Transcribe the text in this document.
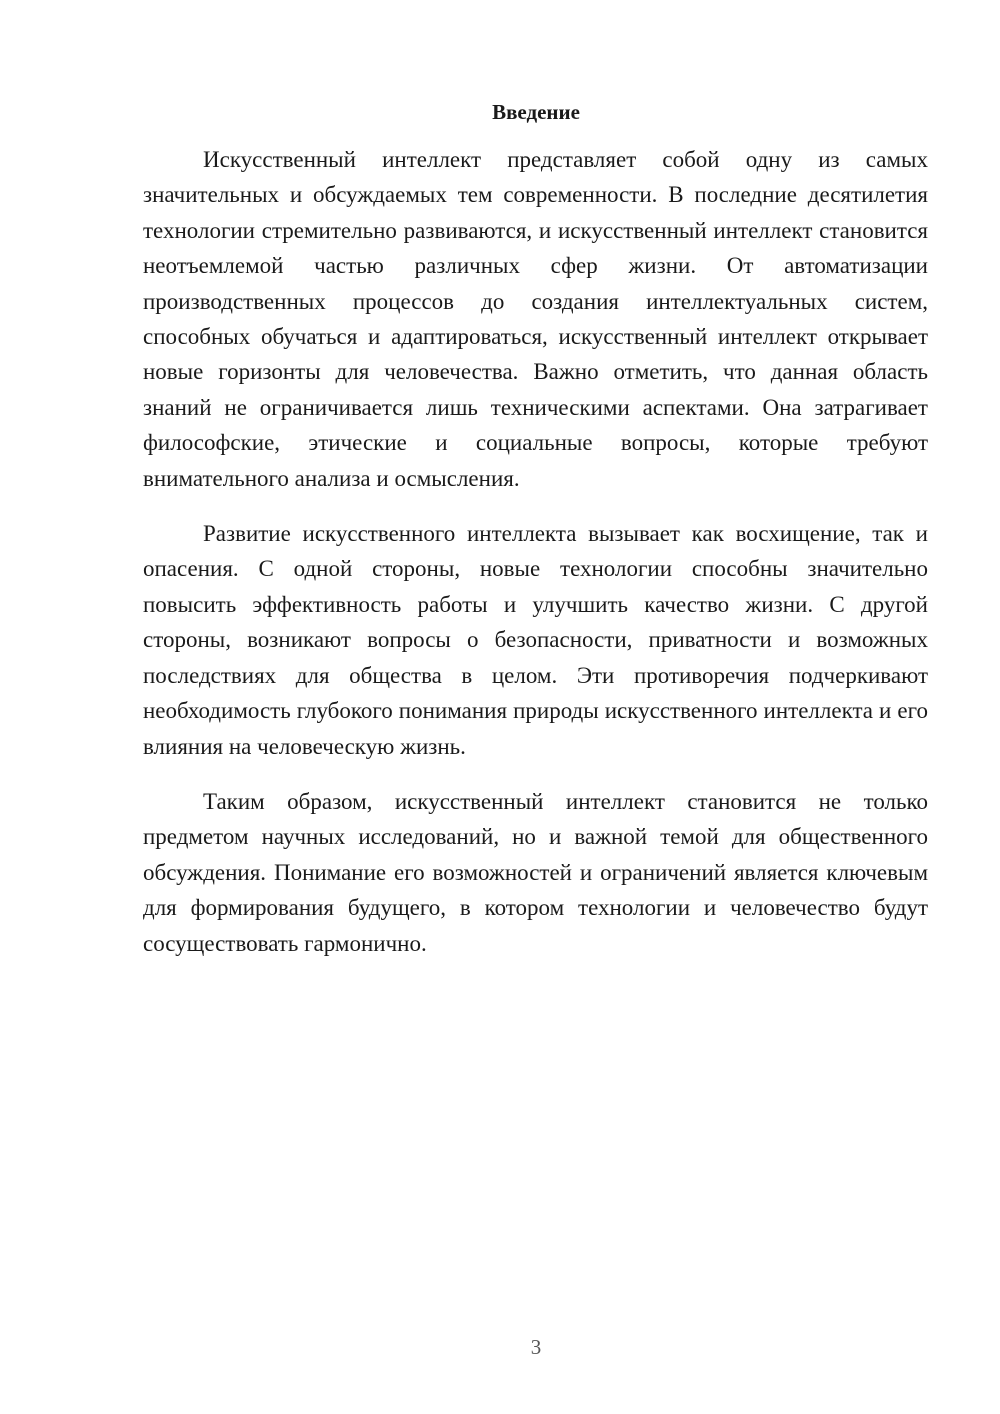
Введение

Искусственный интеллект представляет собой одну из самых значительных и обсуждаемых тем современности. В последние десятилетия технологии стремительно развиваются, и искусственный интеллект становится неотъемлемой частью различных сфер жизни. От автоматизации производственных процессов до создания интеллектуальных систем, способных обучаться и адаптироваться, искусственный интеллект открывает новые горизонты для человечества. Важно отметить, что данная область знаний не ограничивается лишь техническими аспектами. Она затрагивает философские, этические и социальные вопросы, которые требуют внимательного анализа и осмысления.

Развитие искусственного интеллекта вызывает как восхищение, так и опасения. С одной стороны, новые технологии способны значительно повысить эффективность работы и улучшить качество жизни. С другой стороны, возникают вопросы о безопасности, приватности и возможных последствиях для общества в целом. Эти противоречия подчеркивают необходимость глубокого понимания природы искусственного интеллекта и его влияния на человеческую жизнь.

Таким образом, искусственный интеллект становится не только предметом научных исследований, но и важной темой для общественного обсуждения. Понимание его возможностей и ограничений является ключевым для формирования будущего, в котором технологии и человечество будут сосуществовать гармонично.

3
